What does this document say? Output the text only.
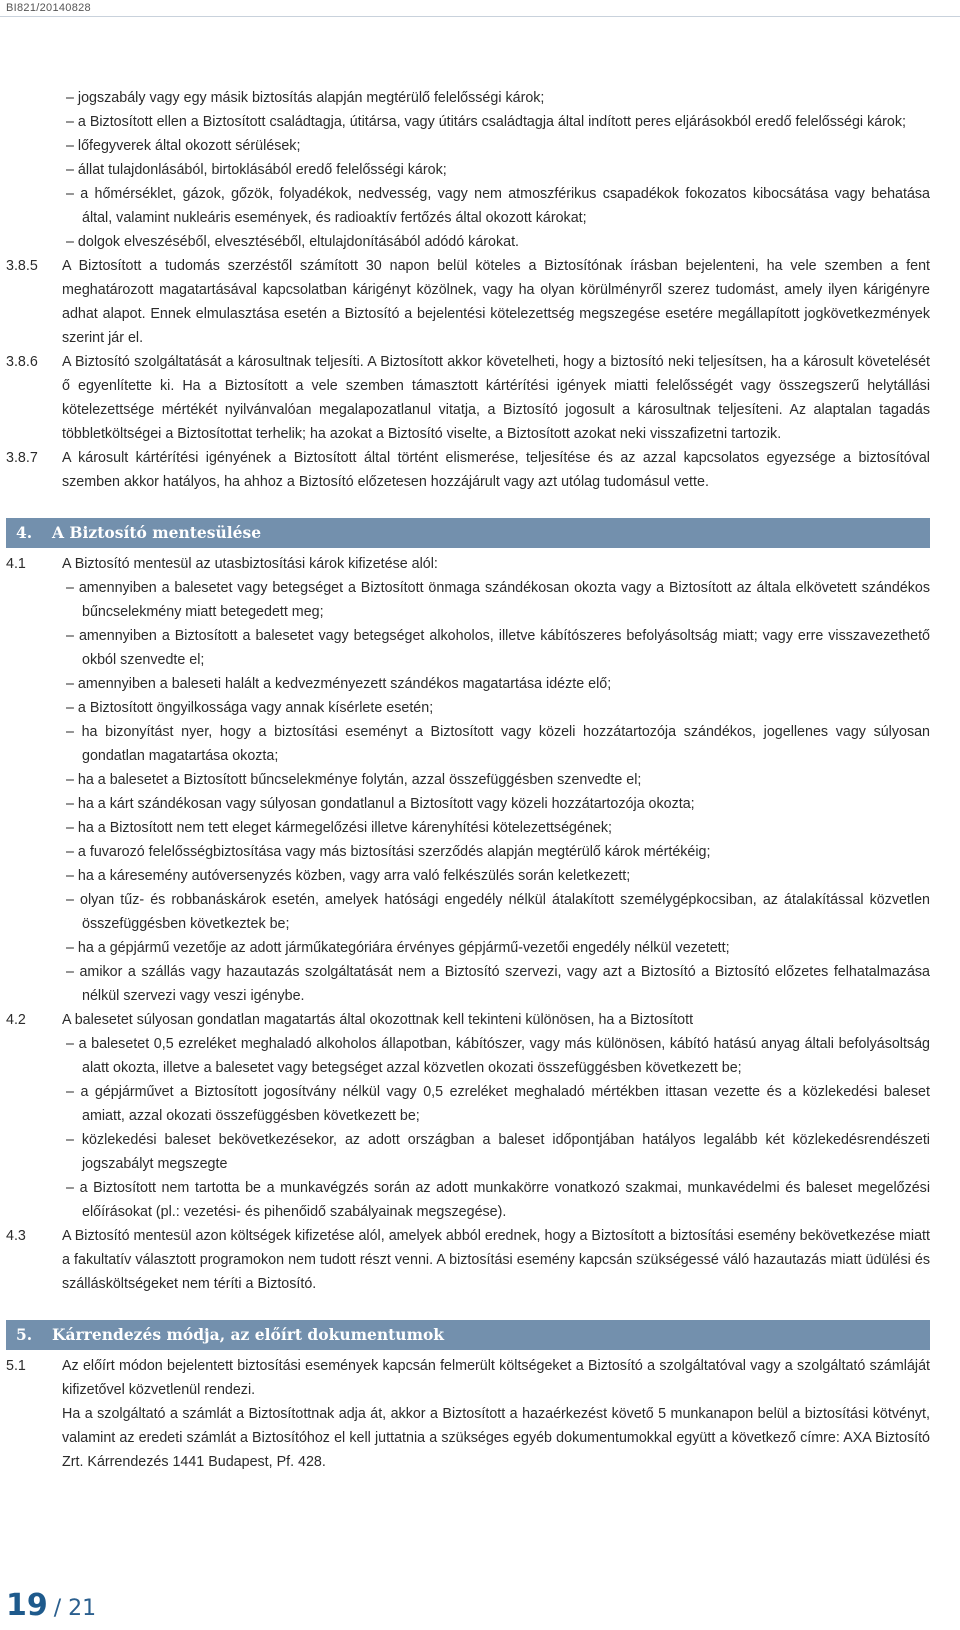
BI821/20140828
– jogszabály vagy egy másik biztosítás alapján megtérülő felelősségi károk;
– a Biztosított ellen a Biztosított családtagja, útitársa, vagy útitárs családtagja által indított peres eljárásokból eredő felelősségi károk;
– lőfegyverek által okozott sérülések;
– állat tulajdonlásából, birtoklásából eredő felelősségi károk;
– a hőmérséklet, gázok, gőzök, folyadékok, nedvesség, vagy nem atmoszférikus csapadékok fokozatos kibocsátása vagy behatása által, valamint nukleáris események, és radioaktív fertőzés által okozott károkat;
– dolgok elveszéséből, elvesztéséből, eltulajdonításából adódó károkat.
3.8.5	A Biztosított a tudomás szerzéstől számított 30 napon belül köteles a Biztosítónak írásban bejelenteni, ha vele szemben a fent meghatározott magatartásával kapcsolatban kárigényt közölnek, vagy ha olyan körülményről szerez tudomást, amely ilyen kárigényre adhat alapot. Ennek elmulasztása esetén a Biztosító a bejelentési kötelezettség megszegése esetére megállapított jogkövetkezmények szerint jár el.
3.8.6	A Biztosító szolgáltatását a károsultnak teljesíti. A Biztosított akkor követelheti, hogy a biztosító neki teljesítsen, ha a károsult követelését ő egyenlítette ki. Ha a Biztosított a vele szemben támasztott kártérítési igények miatti felelősségét vagy összegszerű helytállási kötelezettsége mértékét nyilvánvalóan megalapozatlanul vitatja, a Biztosító jogosult a károsultnak teljesíteni. Az alaptalan tagadás többletköltségei a Biztosítottat terhelik; ha azokat a Biztosító viselte, a Biztosított azokat neki visszafizetni tartozik.
3.8.7	A károsult kártérítési igényének a Biztosított által történt elismerése, teljesítése és az azzal kapcsolatos egyezsége a biztosítóval szemben akkor hatályos, ha ahhoz a Biztosító előzetesen hozzájárult vagy azt utólag tudomásul vette.
4. A Biztosító mentesülése
4.1	A Biztosító mentesül az utasbiztosítási károk kifizetése alól:
– amennyiben a balesetet vagy betegséget a Biztosított önmaga szándékosan okozta vagy a Biztosított az általa elkövetett szándékos bűncselekmény miatt betegedett meg;
– amennyiben a Biztosított a balesetet vagy betegséget alkoholos, illetve kábítószeres befolyásoltság miatt; vagy erre visszavezethető okból szenvedte el;
– amennyiben a baleseti halált a kedvezményezett szándékos magatartása idézte elő;
– a Biztosított öngyilkossága vagy annak kísérlete esetén;
– ha bizonyítást nyer, hogy a biztosítási eseményt a Biztosított vagy közeli hozzátartozója szándékos, jogellenes vagy súlyosan gondatlan magatartása okozta;
– ha a balesetet a Biztosított bűncselekménye folytán, azzal összefüggésben szenvedte el;
– ha a kárt szándékosan vagy súlyosan gondatlanul a Biztosított vagy közeli hozzátartozója okozta;
– ha a Biztosított nem tett eleget kármegelőzési illetve kárenyhítési kötelezettségének;
– a fuvarozó felelősségbiztosítása vagy más biztosítási szerződés alapján megtérülő károk mértékéig;
– ha a káresemény autóversenyzés közben, vagy arra való felkészülés során keletkezett;
– olyan tűz- és robbanáskárok esetén, amelyek hatósági engedély nélkül átalakított személygépkocsiban, az átalakítással közvetlen összefüggésben következtek be;
– ha a gépjármű vezetője az adott járműkategóriára érvényes gépjármű-vezetői engedély nélkül vezetett;
– amikor a szállás vagy hazautazás szolgáltatását nem a Biztosító szervezi, vagy azt a Biztosító a Biztosító előzetes felhatalmazása nélkül szervezi vagy veszi igénybe.
4.2	A balesetet súlyosan gondatlan magatartás által okozottnak kell tekinteni különösen, ha a Biztosított
– a balesetet 0,5 ezreléket meghaladó alkoholos állapotban, kábítószer, vagy más különösen, kábító hatású anyag általi befolyásoltság alatt okozta, illetve a balesetet vagy betegséget azzal közvetlen okozati összefüggésben következett be;
– a gépjárművet a Biztosított jogosítvány nélkül vagy 0,5 ezreléket meghaladó mértékben ittasan vezette és a közlekedési baleset amiatt, azzal okozati összefüggésben következett be;
– közlekedési baleset bekövetkezésekor, az adott országban a baleset időpontjában hatályos legalább két közlekedésrendészeti jogszabályt megszegte
– a Biztosított nem tartotta be a munkavégzés során az adott munkakörre vonatkozó szakmai, munkavédelmi és baleset megelőzési előírásokat (pl.: vezetési- és pihenőidő szabályainak megszegése).
4.3	A Biztosító mentesül azon költségek kifizetése alól, amelyek abból erednek, hogy a Biztosított a biztosítási esemény bekövetkezése miatt a fakultatív választott programokon nem tudott részt venni. A biztosítási esemény kapcsán szükségessé váló hazautazás miatt üdülési és szállásköltségeket nem téríti a Biztosító.
5. Kárrendezés módja, az előírt dokumentumok
5.1	Az előírt módon bejelentett biztosítási események kapcsán felmerült költségeket a Biztosító a szolgáltatóval vagy a szolgáltató számláját kifizetővel közvetlenül rendezi.
Ha a szolgáltató a számlát a Biztosítottnak adja át, akkor a Biztosított a hazaérkezést követő 5 munkanapon belül a biztosítási kötvényt, valamint az eredeti számlát a Biztosítóhoz el kell juttatnia a szükséges egyéb dokumentumokkal együtt a következő címre: AXA Biztosító Zrt. Kárrendezés 1441 Budapest, Pf. 428.
19 / 21
